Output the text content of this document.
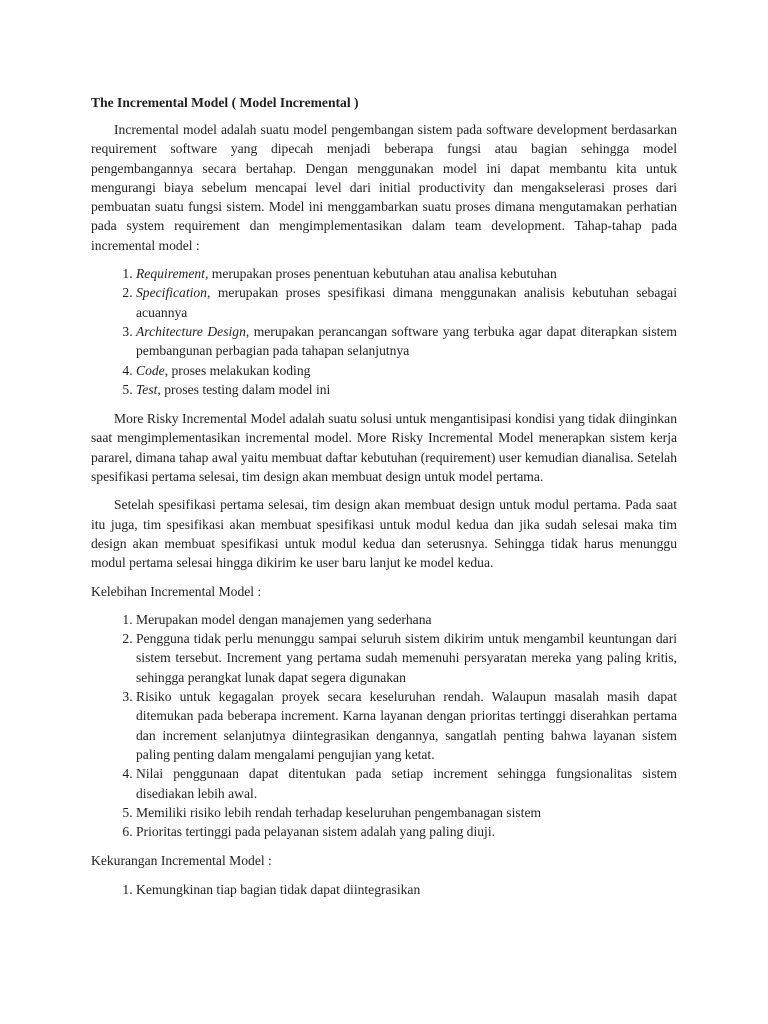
The Incremental Model ( Model Incremental )

Incremental model adalah suatu model pengembangan sistem pada software development berdasarkan requirement software yang dipecah menjadi beberapa fungsi atau bagian sehingga model pengembangannya secara bertahap. Dengan menggunakan model ini dapat membantu kita untuk mengurangi biaya sebelum mencapai level dari initial productivity dan mengakselerasi proses dari pembuatan suatu fungsi sistem. Model ini menggambarkan suatu proses dimana mengutamakan perhatian pada system requirement dan mengimplementasikan dalam team development. Tahap-tahap pada incremental model :

1. Requirement, merupakan proses penentuan kebutuhan atau analisa kebutuhan
2. Specification, merupakan proses spesifikasi dimana menggunakan analisis kebutuhan sebagai acuannya
3. Architecture Design, merupakan perancangan software yang terbuka agar dapat diterapkan sistem pembangunan perbagian pada tahapan selanjutnya
4. Code, proses melakukan koding
5. Test, proses testing dalam model ini

More Risky Incremental Model adalah suatu solusi untuk mengantisipasi kondisi yang tidak diinginkan saat mengimplementasikan incremental model. More Risky Incremental Model menerapkan sistem kerja pararel, dimana tahap awal yaitu membuat daftar kebutuhan (requirement) user kemudian dianalisa. Setelah spesifikasi pertama selesai, tim design akan membuat design untuk model pertama.

Setelah spesifikasi pertama selesai, tim design akan membuat design untuk modul pertama. Pada saat itu juga, tim spesifikasi akan membuat spesifikasi untuk modul kedua dan jika sudah selesai maka tim design akan membuat spesifikasi untuk modul kedua dan seterusnya. Sehingga tidak harus menunggu modul pertama selesai hingga dikirim ke user baru lanjut ke model kedua.

Kelebihan Incremental Model :
1. Merupakan model dengan manajemen yang sederhana
2. Pengguna tidak perlu menunggu sampai seluruh sistem dikirim untuk mengambil keuntungan dari sistem tersebut. Increment yang pertama sudah memenuhi persyaratan mereka yang paling kritis, sehingga perangkat lunak dapat segera digunakan
3. Risiko untuk kegagalan proyek secara keseluruhan rendah. Walaupun masalah masih dapat ditemukan pada beberapa increment. Karna layanan dengan prioritas tertinggi diserahkan pertama dan increment selanjutnya diintegrasikan dengannya, sangatlah penting bahwa layanan sistem paling penting dalam mengalami pengujian yang ketat.
4. Nilai penggunaan dapat ditentukan pada setiap increment sehingga fungsionalitas sistem disediakan lebih awal.
5. Memiliki risiko lebih rendah terhadap keseluruhan pengembanagan sistem
6. Prioritas tertinggi pada pelayanan sistem adalah yang paling diuji.
Kekurangan Incremental Model :
1. Kemungkinan tiap bagian tidak dapat diintegrasikan
